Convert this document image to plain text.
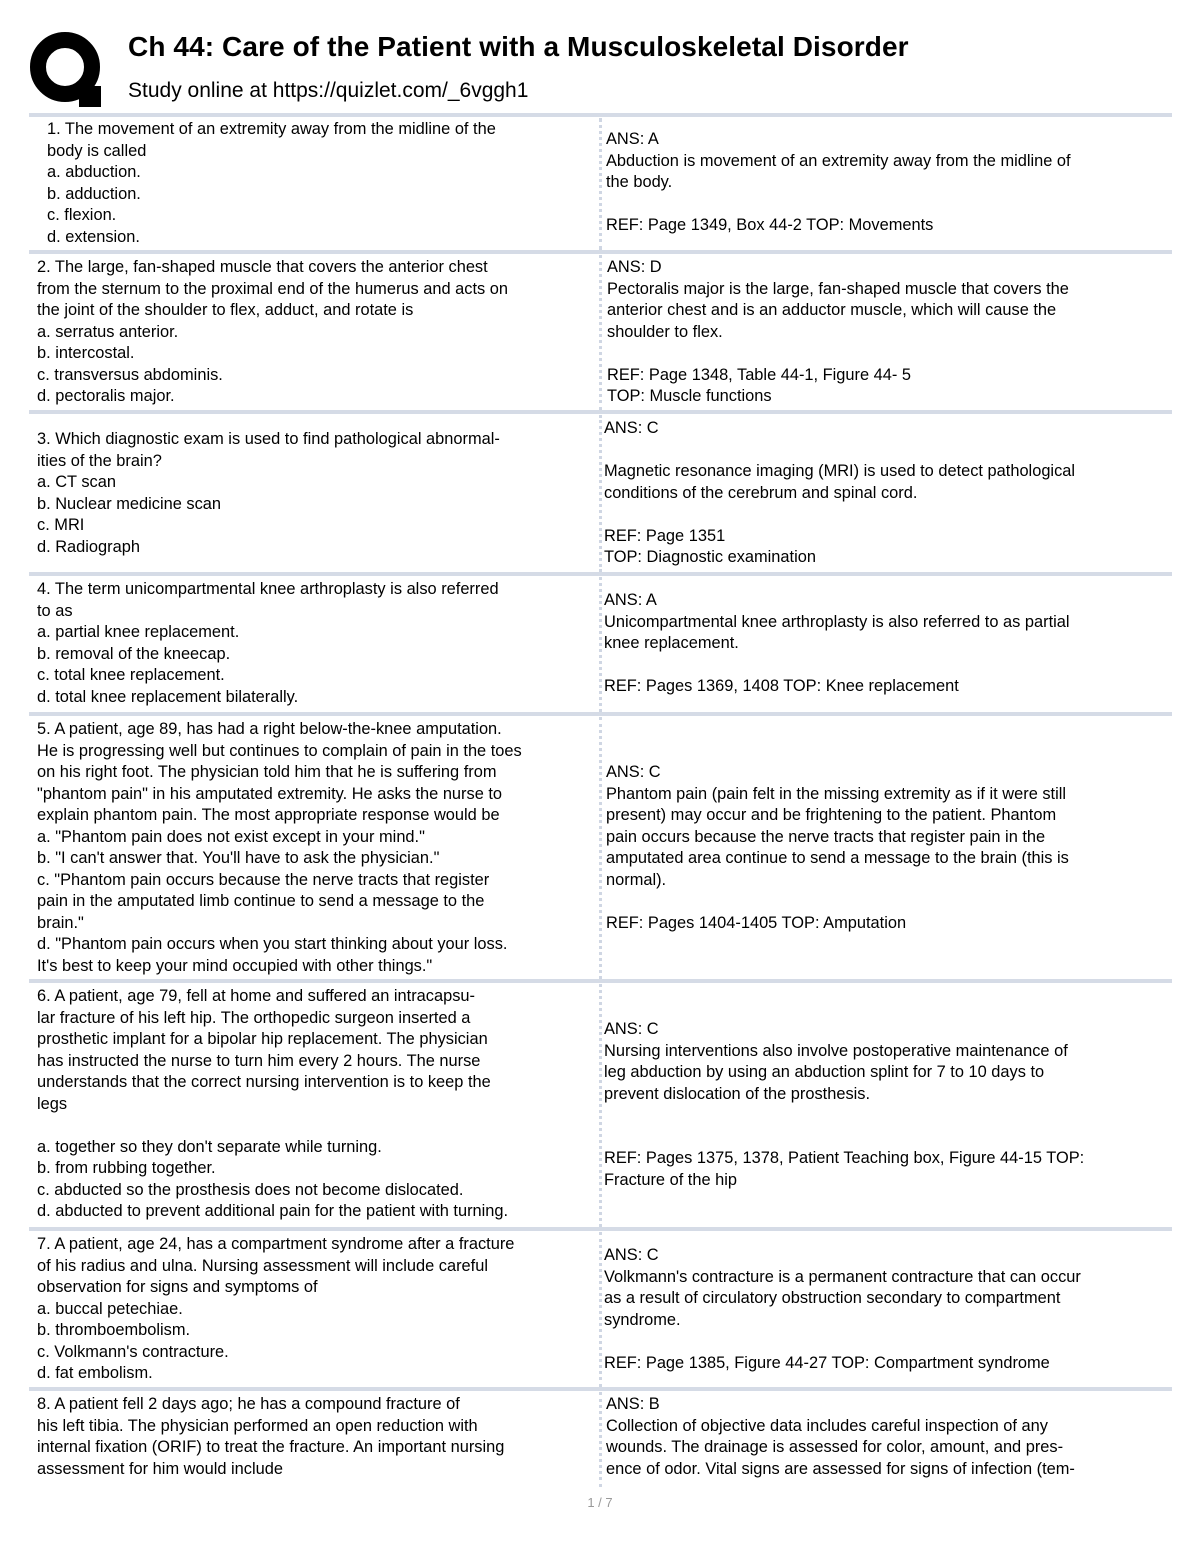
Ch 44: Care of the Patient with a Musculoskeletal Disorder
Study online at https://quizlet.com/_6vggh1
1. The movement of an extremity away from the midline of the
body is called
a. abduction.
b. adduction.
c. flexion.
d. extension.
ANS: A
Abduction is movement of an extremity away from the midline of
the body.
REF: Page 1349, Box 44-2 TOP: Movements
2. The large, fan-shaped muscle that covers the anterior chest
from the sternum to the proximal end of the humerus and acts on
the joint of the shoulder to flex, adduct, and rotate is
a. serratus anterior.
b. intercostal.
c. transversus abdominis.
d. pectoralis major.
ANS: D
Pectoralis major is the large, fan-shaped muscle that covers the
anterior chest and is an adductor muscle, which will cause the
shoulder to flex.
REF: Page 1348, Table 44-1, Figure 44- 5
TOP: Muscle functions
3. Which diagnostic exam is used to find pathological abnormal-
ities of the brain?
a. CT scan
b. Nuclear medicine scan
c. MRI
d. Radiograph
ANS: C
Magnetic resonance imaging (MRI) is used to detect pathological
conditions of the cerebrum and spinal cord.
REF: Page 1351
TOP: Diagnostic examination
4. The term unicompartmental knee arthroplasty is also referred
to as
a. partial knee replacement.
b. removal of the kneecap.
c. total knee replacement.
d. total knee replacement bilaterally.
ANS: A
Unicompartmental knee arthroplasty is also referred to as partial
knee replacement.
REF: Pages 1369, 1408 TOP: Knee replacement
5. A patient, age 89, has had a right below-the-knee amputation.
He is progressing well but continues to complain of pain in the toes
on his right foot. The physician told him that he is suffering from
"phantom pain" in his amputated extremity. He asks the nurse to
explain phantom pain. The most appropriate response would be
a. "Phantom pain does not exist except in your mind."
b. "I can't answer that. You'll have to ask the physician."
c. "Phantom pain occurs because the nerve tracts that register
pain in the amputated limb continue to send a message to the
brain."
d. "Phantom pain occurs when you start thinking about your loss.
It's best to keep your mind occupied with other things."
ANS: C
Phantom pain (pain felt in the missing extremity as if it were still
present) may occur and be frightening to the patient. Phantom
pain occurs because the nerve tracts that register pain in the
amputated area continue to send a message to the brain (this is
normal).
REF: Pages 1404-1405 TOP: Amputation
6. A patient, age 79, fell at home and suffered an intracapsu-
lar fracture of his left hip. The orthopedic surgeon inserted a
prosthetic implant for a bipolar hip replacement. The physician
has instructed the nurse to turn him every 2 hours. The nurse
understands that the correct nursing intervention is to keep the
legs
a. together so they don't separate while turning.
b. from rubbing together.
c. abducted so the prosthesis does not become dislocated.
d. abducted to prevent additional pain for the patient with turning.
ANS: C
Nursing interventions also involve postoperative maintenance of
leg abduction by using an abduction splint for 7 to 10 days to
prevent dislocation of the prosthesis.
REF: Pages 1375, 1378, Patient Teaching box, Figure 44-15 TOP:
Fracture of the hip
7. A patient, age 24, has a compartment syndrome after a fracture
of his radius and ulna. Nursing assessment will include careful
observation for signs and symptoms of
a. buccal petechiae.
b. thromboembolism.
c. Volkmann's contracture.
d. fat embolism.
ANS: C
Volkmann's contracture is a permanent contracture that can occur
as a result of circulatory obstruction secondary to compartment
syndrome.
REF: Page 1385, Figure 44-27 TOP: Compartment syndrome
8. A patient fell 2 days ago; he has a compound fracture of
his left tibia. The physician performed an open reduction with
internal fixation (ORIF) to treat the fracture. An important nursing
assessment for him would include
ANS: B
Collection of objective data includes careful inspection of any
wounds. The drainage is assessed for color, amount, and pres-
ence of odor. Vital signs are assessed for signs of infection (tem-
1 / 7
